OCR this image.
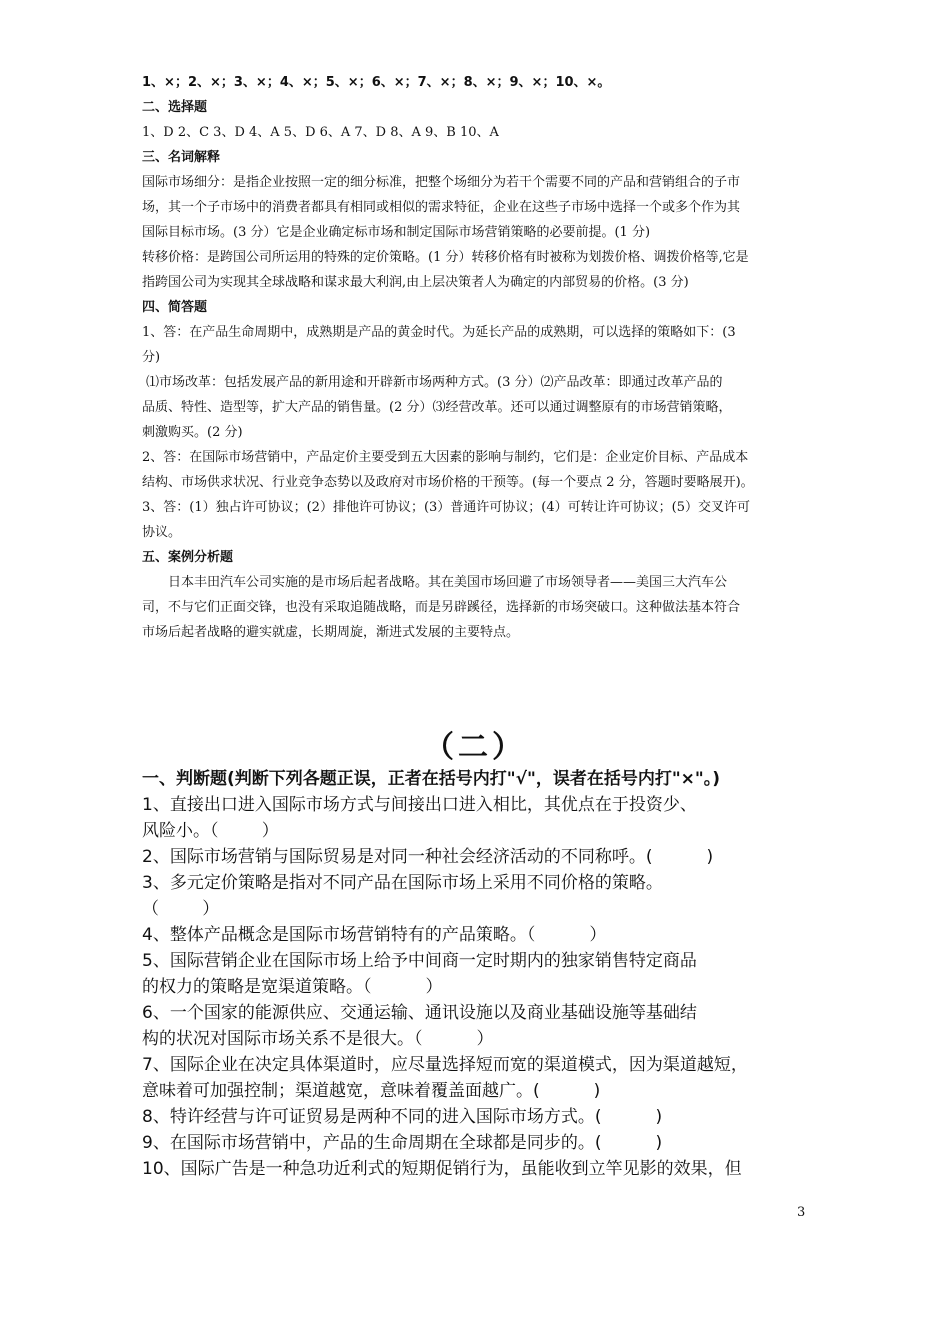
1、×；2、×；3、×；4、×；5、×；6、×；7、×；8、×；9、×；10、×。

二、选择题

1、D 2、C 3、D 4、A 5、D 6、A 7、D 8、A 9、B 10、A

三、名词解释

国际市场细分：是指企业按照一定的细分标准，把整个场细分为若干个需要不同的产品和营销组合的子市

场，其一个子市场中的消费者都具有相同或相似的需求特征，企业在这些子市场中选择一个或多个作为其

国际目标市场。(3 分）它是企业确定标市场和制定国际市场营销策略的必要前提。(1 分)

转移价格：是跨国公司所运用的特殊的定价策略。(1 分）转移价格有时被称为划拨价格、调拨价格等,它是

指跨国公司为实现其全球战略和谋求最大利润,由上层决策者人为确定的内部贸易的价格。(3 分)

四、简答题

1、答：在产品生命周期中，成熟期是产品的黄金时代。为延长产品的成熟期，可以选择的策略如下：(3

分)

⑴市场改革：包括发展产品的新用途和开辟新市场两种方式。(3 分）⑵产品改革：即通过改革产品的

品质、特性、造型等，扩大产品的销售量。(2 分）⑶经营改革。还可以通过调整原有的市场营销策略，

刺激购买。(2 分)

2、答：在国际市场营销中，产品定价主要受到五大因素的影响与制约，它们是：企业定价目标、产品成本

结构、市场供求状况、行业竞争态势以及政府对市场价格的干预等。(每一个要点 2 分，答题时要略展开)。

3、答：(1）独占许可协议；(2）排他许可协议；(3）普通许可协议；(4）可转让许可协议；(5）交叉许可

协议。

五、案例分析题

日本丰田汽车公司实施的是市场后起者战略。其在美国市场回避了市场领导者——美国三大汽车公

司，不与它们正面交锋，也没有采取追随战略，而是另辟蹊径，选择新的市场突破口。这种做法基本符合

市场后起者战略的避实就虚，长期周旋，渐进式发展的主要特点。

（二）

一、判断题(判断下列各题正误，正者在括号内打"√"，误者在括号内打"×"。)

1、直接出口进入国际市场方式与间接出口进入相比，其优点在于投资少、

风险小。（        ）

2、国际市场营销与国际贸易是对同一种社会经济活动的不同称呼。(          )

3、多元定价策略是指对不同产品在国际市场上采用不同价格的策略。

（        ）

4、整体产品概念是国际市场营销特有的产品策略。（          ）

5、国际营销企业在国际市场上给予中间商一定时期内的独家销售特定商品

的权力的策略是宽渠道策略。（          ）

6、一个国家的能源供应、交通运输、通讯设施以及商业基础设施等基础结

构的状况对国际市场关系不是很大。（          ）

7、国际企业在决定具体渠道时，应尽量选择短而宽的渠道模式，因为渠道越短，

意味着可加强控制；渠道越宽，意味着覆盖面越广。(          )

8、特许经营与许可证贸易是两种不同的进入国际市场方式。(          )

9、在国际市场营销中，产品的生命周期在全球都是同步的。(          )

10、国际广告是一种急功近利式的短期促销行为，虽能收到立竿见影的效果，但

3
